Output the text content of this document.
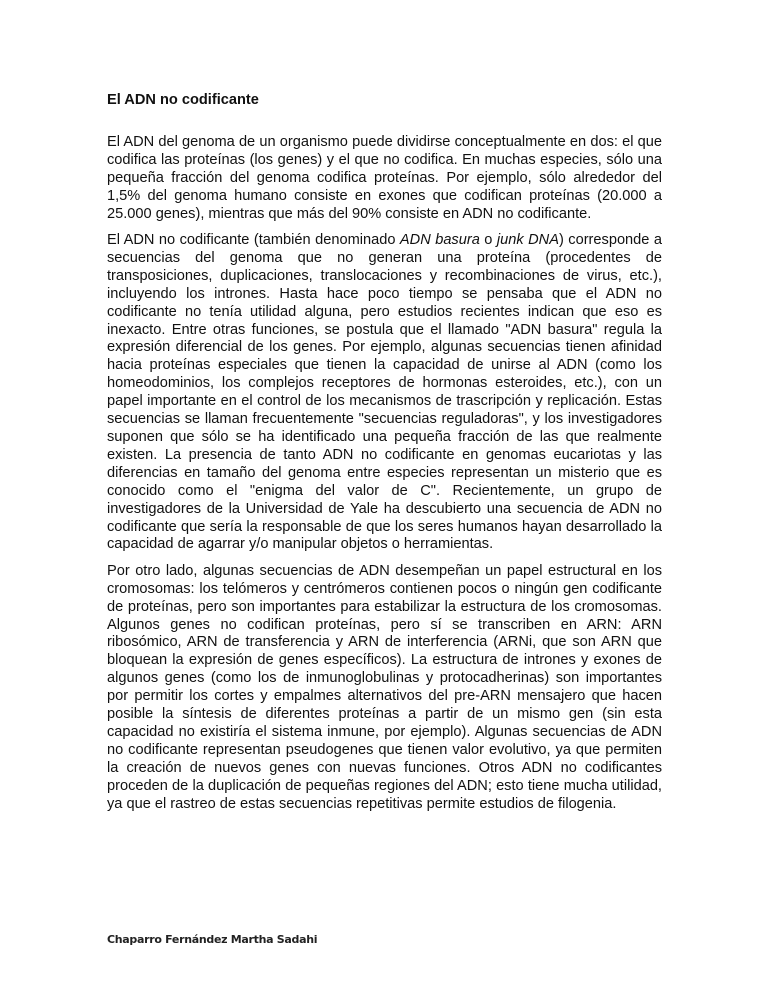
El ADN no codificante

El ADN del genoma de un organismo puede dividirse conceptualmente en dos: el que codifica las proteínas (los genes) y el que no codifica. En muchas especies, sólo una pequeña fracción del genoma codifica proteínas. Por ejemplo, sólo alrededor del 1,5% del genoma humano consiste en exones que codifican proteínas (20.000 a 25.000 genes), mientras que más del 90% consiste en ADN no codificante.

El ADN no codificante (también denominado ADN basura o junk DNA) corresponde a secuencias del genoma que no generan una proteína (procedentes de transposiciones, duplicaciones, translocaciones y recombinaciones de virus, etc.), incluyendo los intrones. Hasta hace poco tiempo se pensaba que el ADN no codificante no tenía utilidad alguna, pero estudios recientes indican que eso es inexacto. Entre otras funciones, se postula que el llamado "ADN basura" regula la expresión diferencial de los genes. Por ejemplo, algunas secuencias tienen afinidad hacia proteínas especiales que tienen la capacidad de unirse al ADN (como los homeodominios, los complejos receptores de hormonas esteroides, etc.), con un papel importante en el control de los mecanismos de trascripción y replicación. Estas secuencias se llaman frecuentemente "secuencias reguladoras", y los investigadores suponen que sólo se ha identificado una pequeña fracción de las que realmente existen. La presencia de tanto ADN no codificante en genomas eucariotas y las diferencias en tamaño del genoma entre especies representan un misterio que es conocido como el "enigma del valor de C". Recientemente, un grupo de investigadores de la Universidad de Yale ha descubierto una secuencia de ADN no codificante que sería la responsable de que los seres humanos hayan desarrollado la capacidad de agarrar y/o manipular objetos o herramientas.

Por otro lado, algunas secuencias de ADN desempeñan un papel estructural en los cromosomas: los telómeros y centrómeros contienen pocos o ningún gen codificante de proteínas, pero son importantes para estabilizar la estructura de los cromosomas. Algunos genes no codifican proteínas, pero sí se transcriben en ARN: ARN ribosómico, ARN de transferencia y ARN de interferencia (ARNi, que son ARN que bloquean la expresión de genes específicos). La estructura de intrones y exones de algunos genes (como los de inmunoglobulinas y protocadherinas) son importantes por permitir los cortes y empalmes alternativos del pre-ARN mensajero que hacen posible la síntesis de diferentes proteínas a partir de un mismo gen (sin esta capacidad no existiría el sistema inmune, por ejemplo). Algunas secuencias de ADN no codificante representan pseudogenes que tienen valor evolutivo, ya que permiten la creación de nuevos genes con nuevas funciones. Otros ADN no codificantes proceden de la duplicación de pequeñas regiones del ADN; esto tiene mucha utilidad, ya que el rastreo de estas secuencias repetitivas permite estudios de filogenia.

Chaparro Fernández Martha Sadahi
